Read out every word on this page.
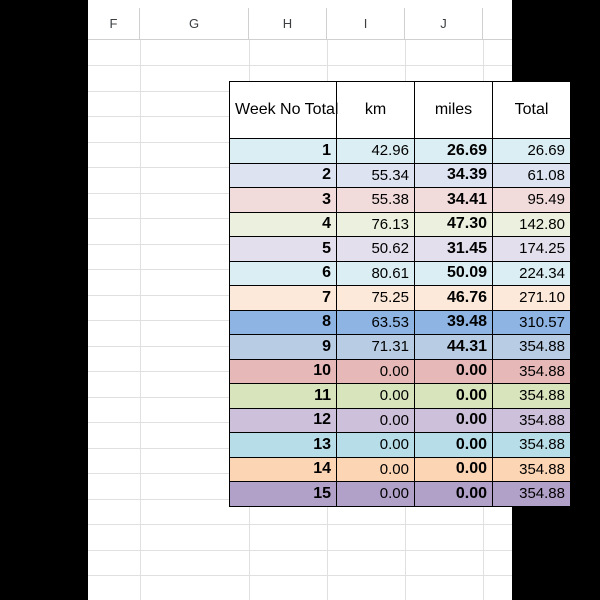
F	G	H	I	J
Week No Total	km	miles	Total
1	42.96	26.69	26.69
2	55.34	34.39	61.08
3	55.38	34.41	95.49
4	76.13	47.30	142.80
5	50.62	31.45	174.25
6	80.61	50.09	224.34
7	75.25	46.76	271.10
8	63.53	39.48	310.57
9	71.31	44.31	354.88
10	0.00	0.00	354.88
11	0.00	0.00	354.88
12	0.00	0.00	354.88
13	0.00	0.00	354.88
14	0.00	0.00	354.88
15	0.00	0.00	354.88
